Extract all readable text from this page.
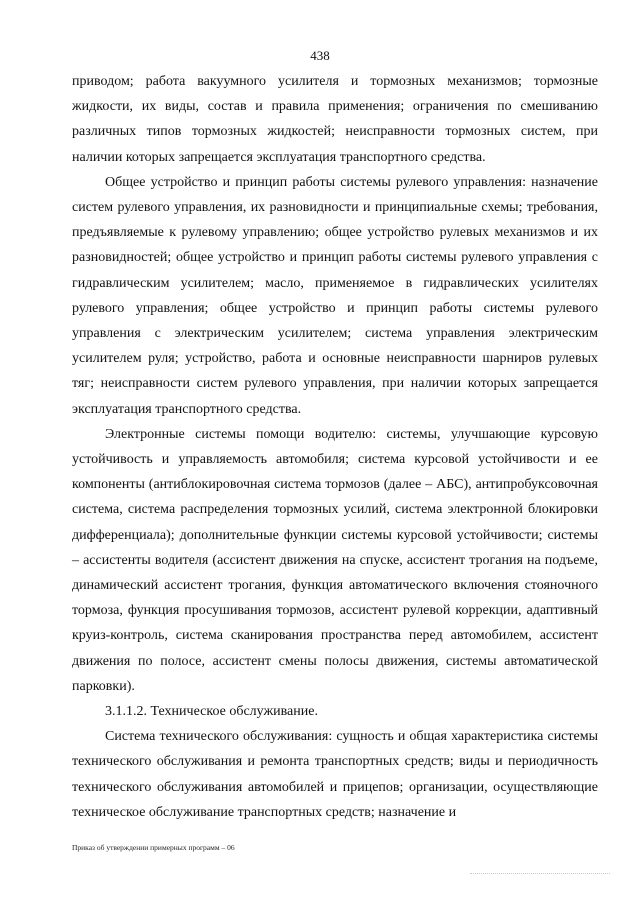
438

приводом; работа вакуумного усилителя и тормозных механизмов; тормозные жидкости, их виды, состав и правила применения; ограничения по смешиванию различных типов тормозных жидкостей; неисправности тормозных систем, при наличии которых запрещается эксплуатация транспортного средства.

Общее устройство и принцип работы системы рулевого управления: назначение систем рулевого управления, их разновидности и принципиальные схемы; требования, предъявляемые к рулевому управлению; общее устройство рулевых механизмов и их разновидностей; общее устройство и принцип работы системы рулевого управления с гидравлическим усилителем; масло, применяемое в гидравлических усилителях рулевого управления; общее устройство и принцип работы системы рулевого управления с электрическим усилителем; система управления электрическим усилителем руля; устройство, работа и основные неисправности шарниров рулевых тяг; неисправности систем рулевого управления, при наличии которых запрещается эксплуатация транспортного средства.

Электронные системы помощи водителю: системы, улучшающие курсовую устойчивость и управляемость автомобиля; система курсовой устойчивости и ее компоненты (антиблокировочная система тормозов (далее – АБС), антипробуксовочная система, система распределения тормозных усилий, система электронной блокировки дифференциала); дополнительные функции системы курсовой устойчивости; системы – ассистенты водителя (ассистент движения на спуске, ассистент трогания на подъеме, динамический ассистент трогания, функция автоматического включения стояночного тормоза, функция просушивания тормозов, ассистент рулевой коррекции, адаптивный круиз-контроль, система сканирования пространства перед автомобилем, ассистент движения по полосе, ассистент смены полосы движения, системы автоматической парковки).

3.1.1.2. Техническое обслуживание.

Система технического обслуживания: сущность и общая характеристика системы технического обслуживания и ремонта транспортных средств; виды и периодичность технического обслуживания автомобилей и прицепов; организации, осуществляющие техническое обслуживание транспортных средств; назначение и

Приказ об утверждении примерных программ – 06
